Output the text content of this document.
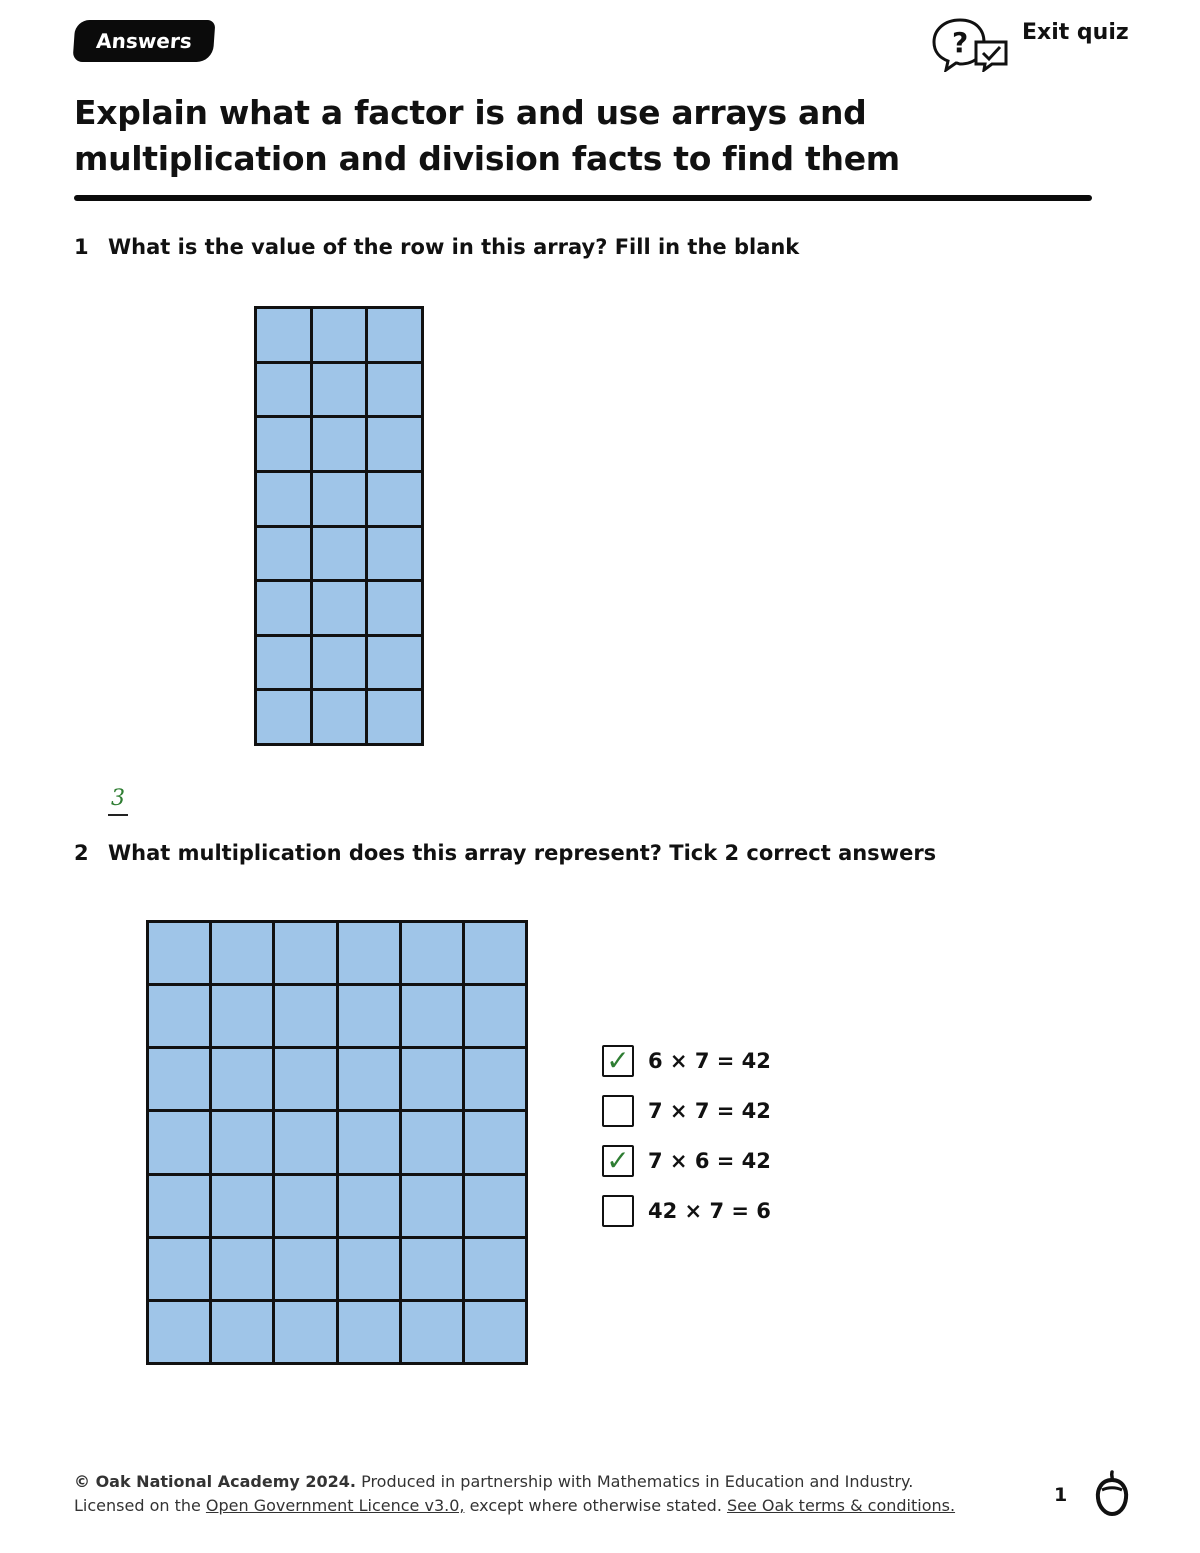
Answers	? Exit quiz
Explain what a factor is and use arrays and multiplication and division facts to find them
1 What is the value of the row in this array? Fill in the blank
3
2 What multiplication does this array represent? Tick 2 correct answers
✓ 6 × 7 = 42
7 × 7 = 42
✓ 7 × 6 = 42
42 × 7 = 6
© Oak National Academy 2024. Produced in partnership with Mathematics in Education and Industry.
Licensed on the Open Government Licence v3.0, except where otherwise stated. See Oak terms & conditions.	1
